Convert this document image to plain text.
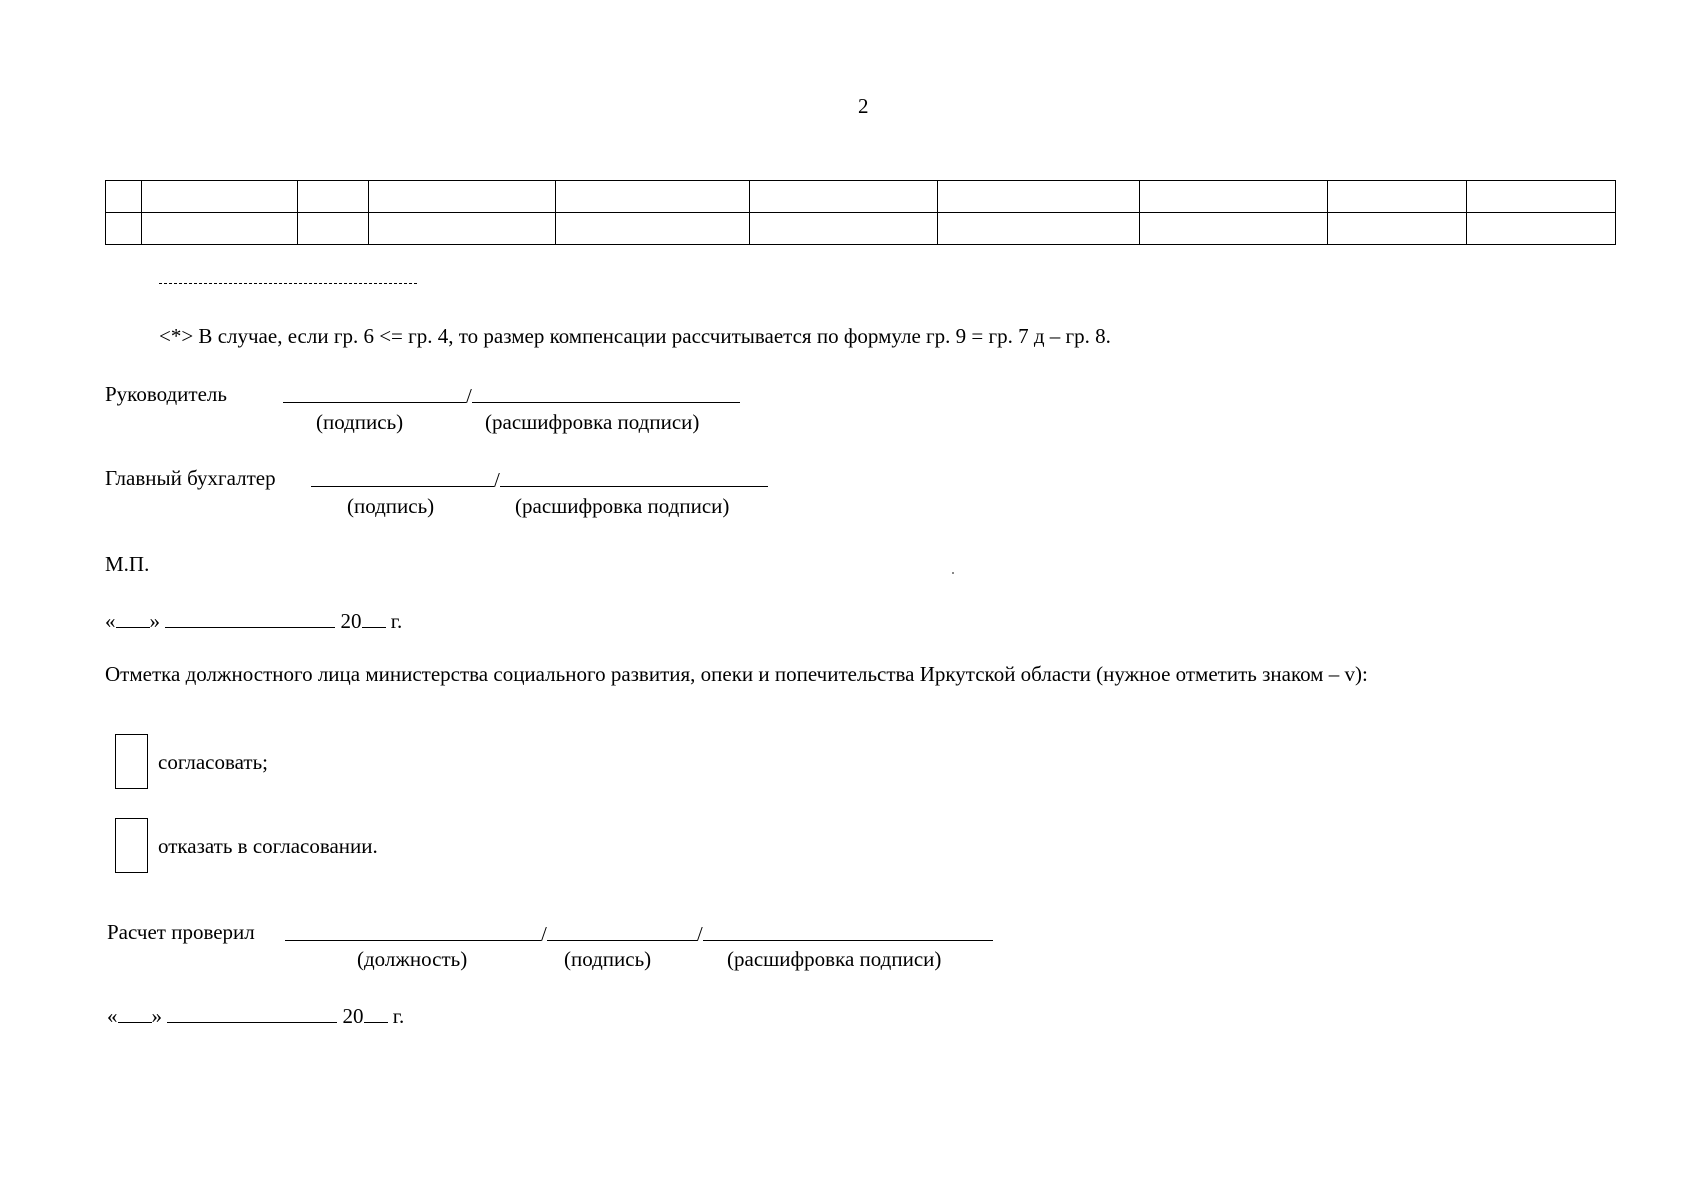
2

<*> В случае, если гр. 6 <= гр. 4, то размер компенсации рассчитывается по формуле гр. 9 = гр. 7 д – гр. 8.
Руководитель	/
(подпись)	(расшифровка подписи)
Главный бухгалтер	/
(подпись)	(расшифровка подписи)
М.П.
« »	20 г.
Отметка должностного лица министерства социального развития, опеки и попечительства Иркутской области (нужное отметить знаком – v):
согласовать;
отказать в согласовании.
Расчет проверил	/	/
(должность)	(подпись)	(расшифровка подписи)
« »	20 г.
